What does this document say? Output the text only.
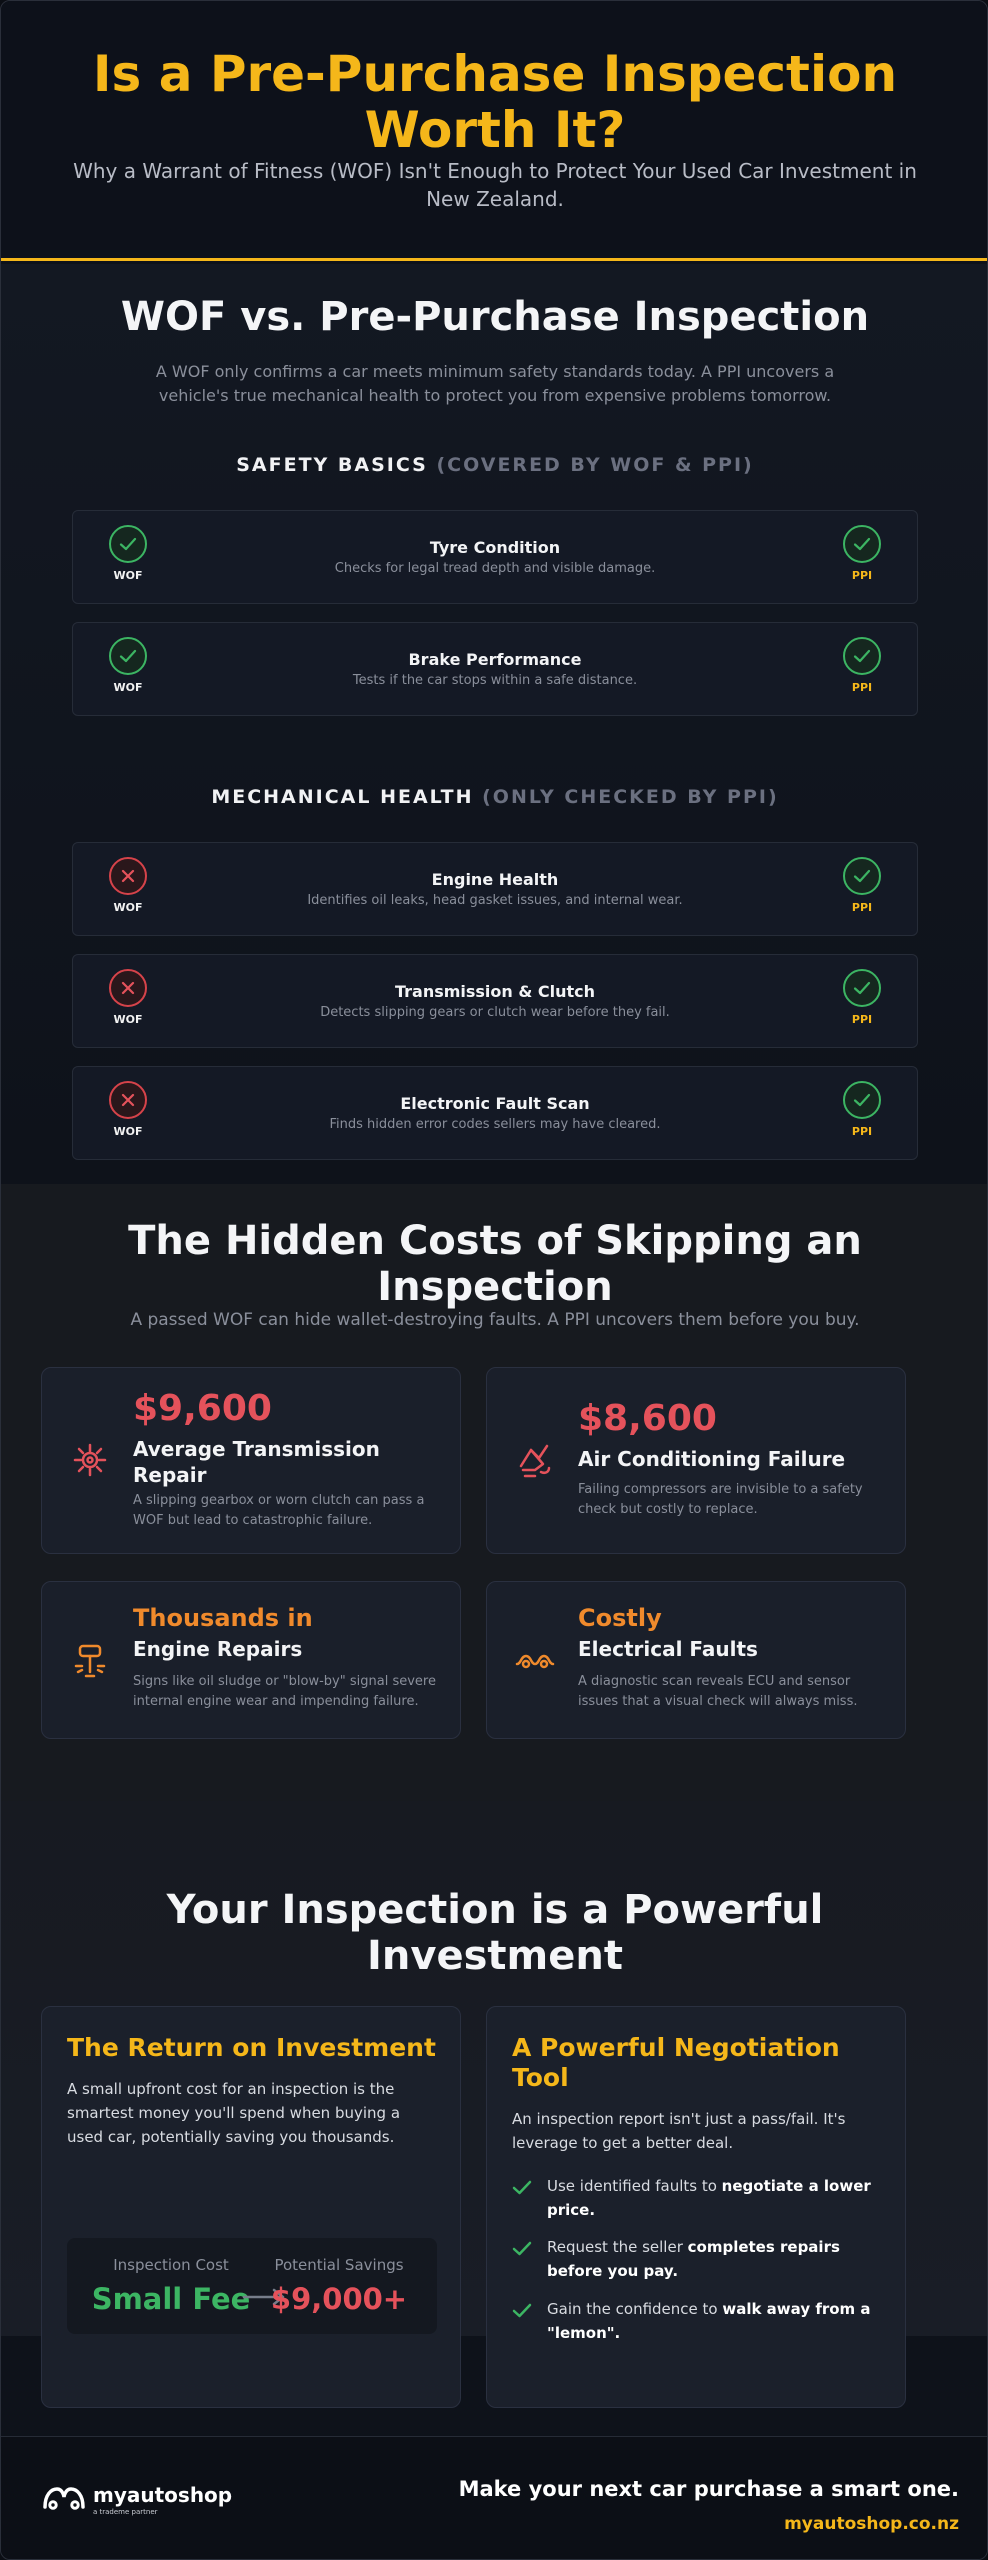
Is a Pre-Purchase Inspection Worth It?

Why a Warrant of Fitness (WOF) Isn't Enough to Protect Your Used Car Investment in New Zealand.

WOF vs. Pre-Purchase Inspection
A WOF only confirms a car meets minimum safety standards today. A PPI uncovers a vehicle's true mechanical health to protect you from expensive problems tomorrow.
SAFETY BASICS (COVERED BY WOF & PPI)
WOF
Tyre Condition
Checks for legal tread depth and visible damage.	PPI
WOF
Brake Performance
Tests if the car stops within a safe distance.	PPI
MECHANICAL HEALTH (ONLY CHECKED BY PPI)
WOF
Engine Health
Identifies oil leaks, head gasket issues, and internal wear.	PPI
WOF
Transmission & Clutch
Detects slipping gears or clutch wear before they fail.	PPI
WOF
Electronic Fault Scan
Finds hidden error codes sellers may have cleared.	PPI
The Hidden Costs of Skipping an Inspection
A passed WOF can hide wallet-destroying faults. A PPI uncovers them before you buy.
$9,600
Average Transmission Repair
A slipping gearbox or worn clutch can pass a WOF but lead to catastrophic failure.
$8,600
Air Conditioning Failure
Failing compressors are invisible to a safety check but costly to replace.
Thousands in
Engine Repairs
Signs like oil sludge or "blow-by" signal severe internal engine wear and impending failure.
Costly
Electrical Faults
A diagnostic scan reveals ECU and sensor issues that a visual check will always miss.
Your Inspection is a Powerful Investment
The Return on Investment

A small upfront cost for an inspection is the smartest money you'll spend when buying a used car, potentially saving you thousands.

Inspection Cost	Potential Savings
Small Fee $9,000+
A Powerful Negotiation Tool

An inspection report isn't just a pass/fail. It's leverage to get a better deal.

Use identified faults to negotiate a lower price.
Request the seller completes repairs before you pay.
Gain the confidence to walk away from a "lemon".
myautoshop
a trademe partner
Make your next car purchase a smart one.
myautoshop.co.nz
